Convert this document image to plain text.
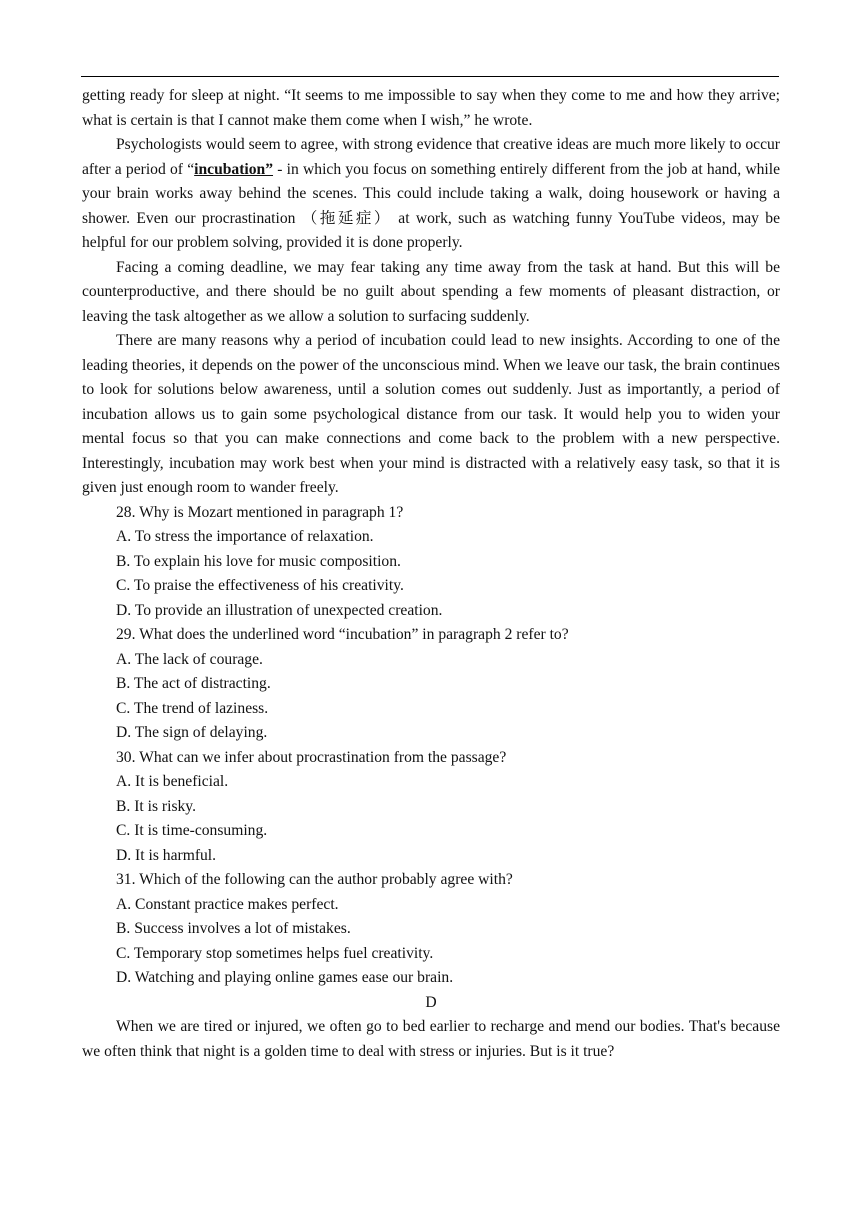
getting ready for sleep at night. “It seems to me impossible to say when they come to me and how they arrive; what is certain is that I cannot make them come when I wish,” he wrote.

Psychologists would seem to agree, with strong evidence that creative ideas are much more likely to occur after a period of “incubation” - in which you focus on something entirely different from the job at hand, while your brain works away behind the scenes. This could include taking a walk, doing housework or having a shower. Even our procrastination （拖延症） at work, such as watching funny YouTube videos, may be helpful for our problem solving, provided it is done properly.

Facing a coming deadline, we may fear taking any time away from the task at hand. But this will be counterproductive, and there should be no guilt about spending a few moments of pleasant distraction, or leaving the task altogether as we allow a solution to surfacing suddenly.

There are many reasons why a period of incubation could lead to new insights. According to one of the leading theories, it depends on the power of the unconscious mind. When we leave our task, the brain continues to look for solutions below awareness, until a solution comes out suddenly. Just as importantly, a period of incubation allows us to gain some psychological distance from our task. It would help you to widen your mental focus so that you can make connections and come back to the problem with a new perspective. Interestingly, incubation may work best when your mind is distracted with a relatively easy task, so that it is given just enough room to wander freely.

28. Why is Mozart mentioned in paragraph 1?

A. To stress the importance of relaxation.

B. To explain his love for music composition.

C. To praise the effectiveness of his creativity.

D. To provide an illustration of unexpected creation.

29. What does the underlined word “incubation” in paragraph 2 refer to?

A. The lack of courage.

B. The act of distracting.

C. The trend of laziness.

D. The sign of delaying.

30. What can we infer about procrastination from the passage?

A. It is beneficial.

B. It is risky.

C. It is time-consuming.

D. It is harmful.

31. Which of the following can the author probably agree with?

A. Constant practice makes perfect.

B. Success involves a lot of mistakes.

C. Temporary stop sometimes helps fuel creativity.

D. Watching and playing online games ease our brain.

D

When we are tired or injured, we often go to bed earlier to recharge and mend our bodies. That's because we often think that night is a golden time to deal with stress or injuries. But is it true?
